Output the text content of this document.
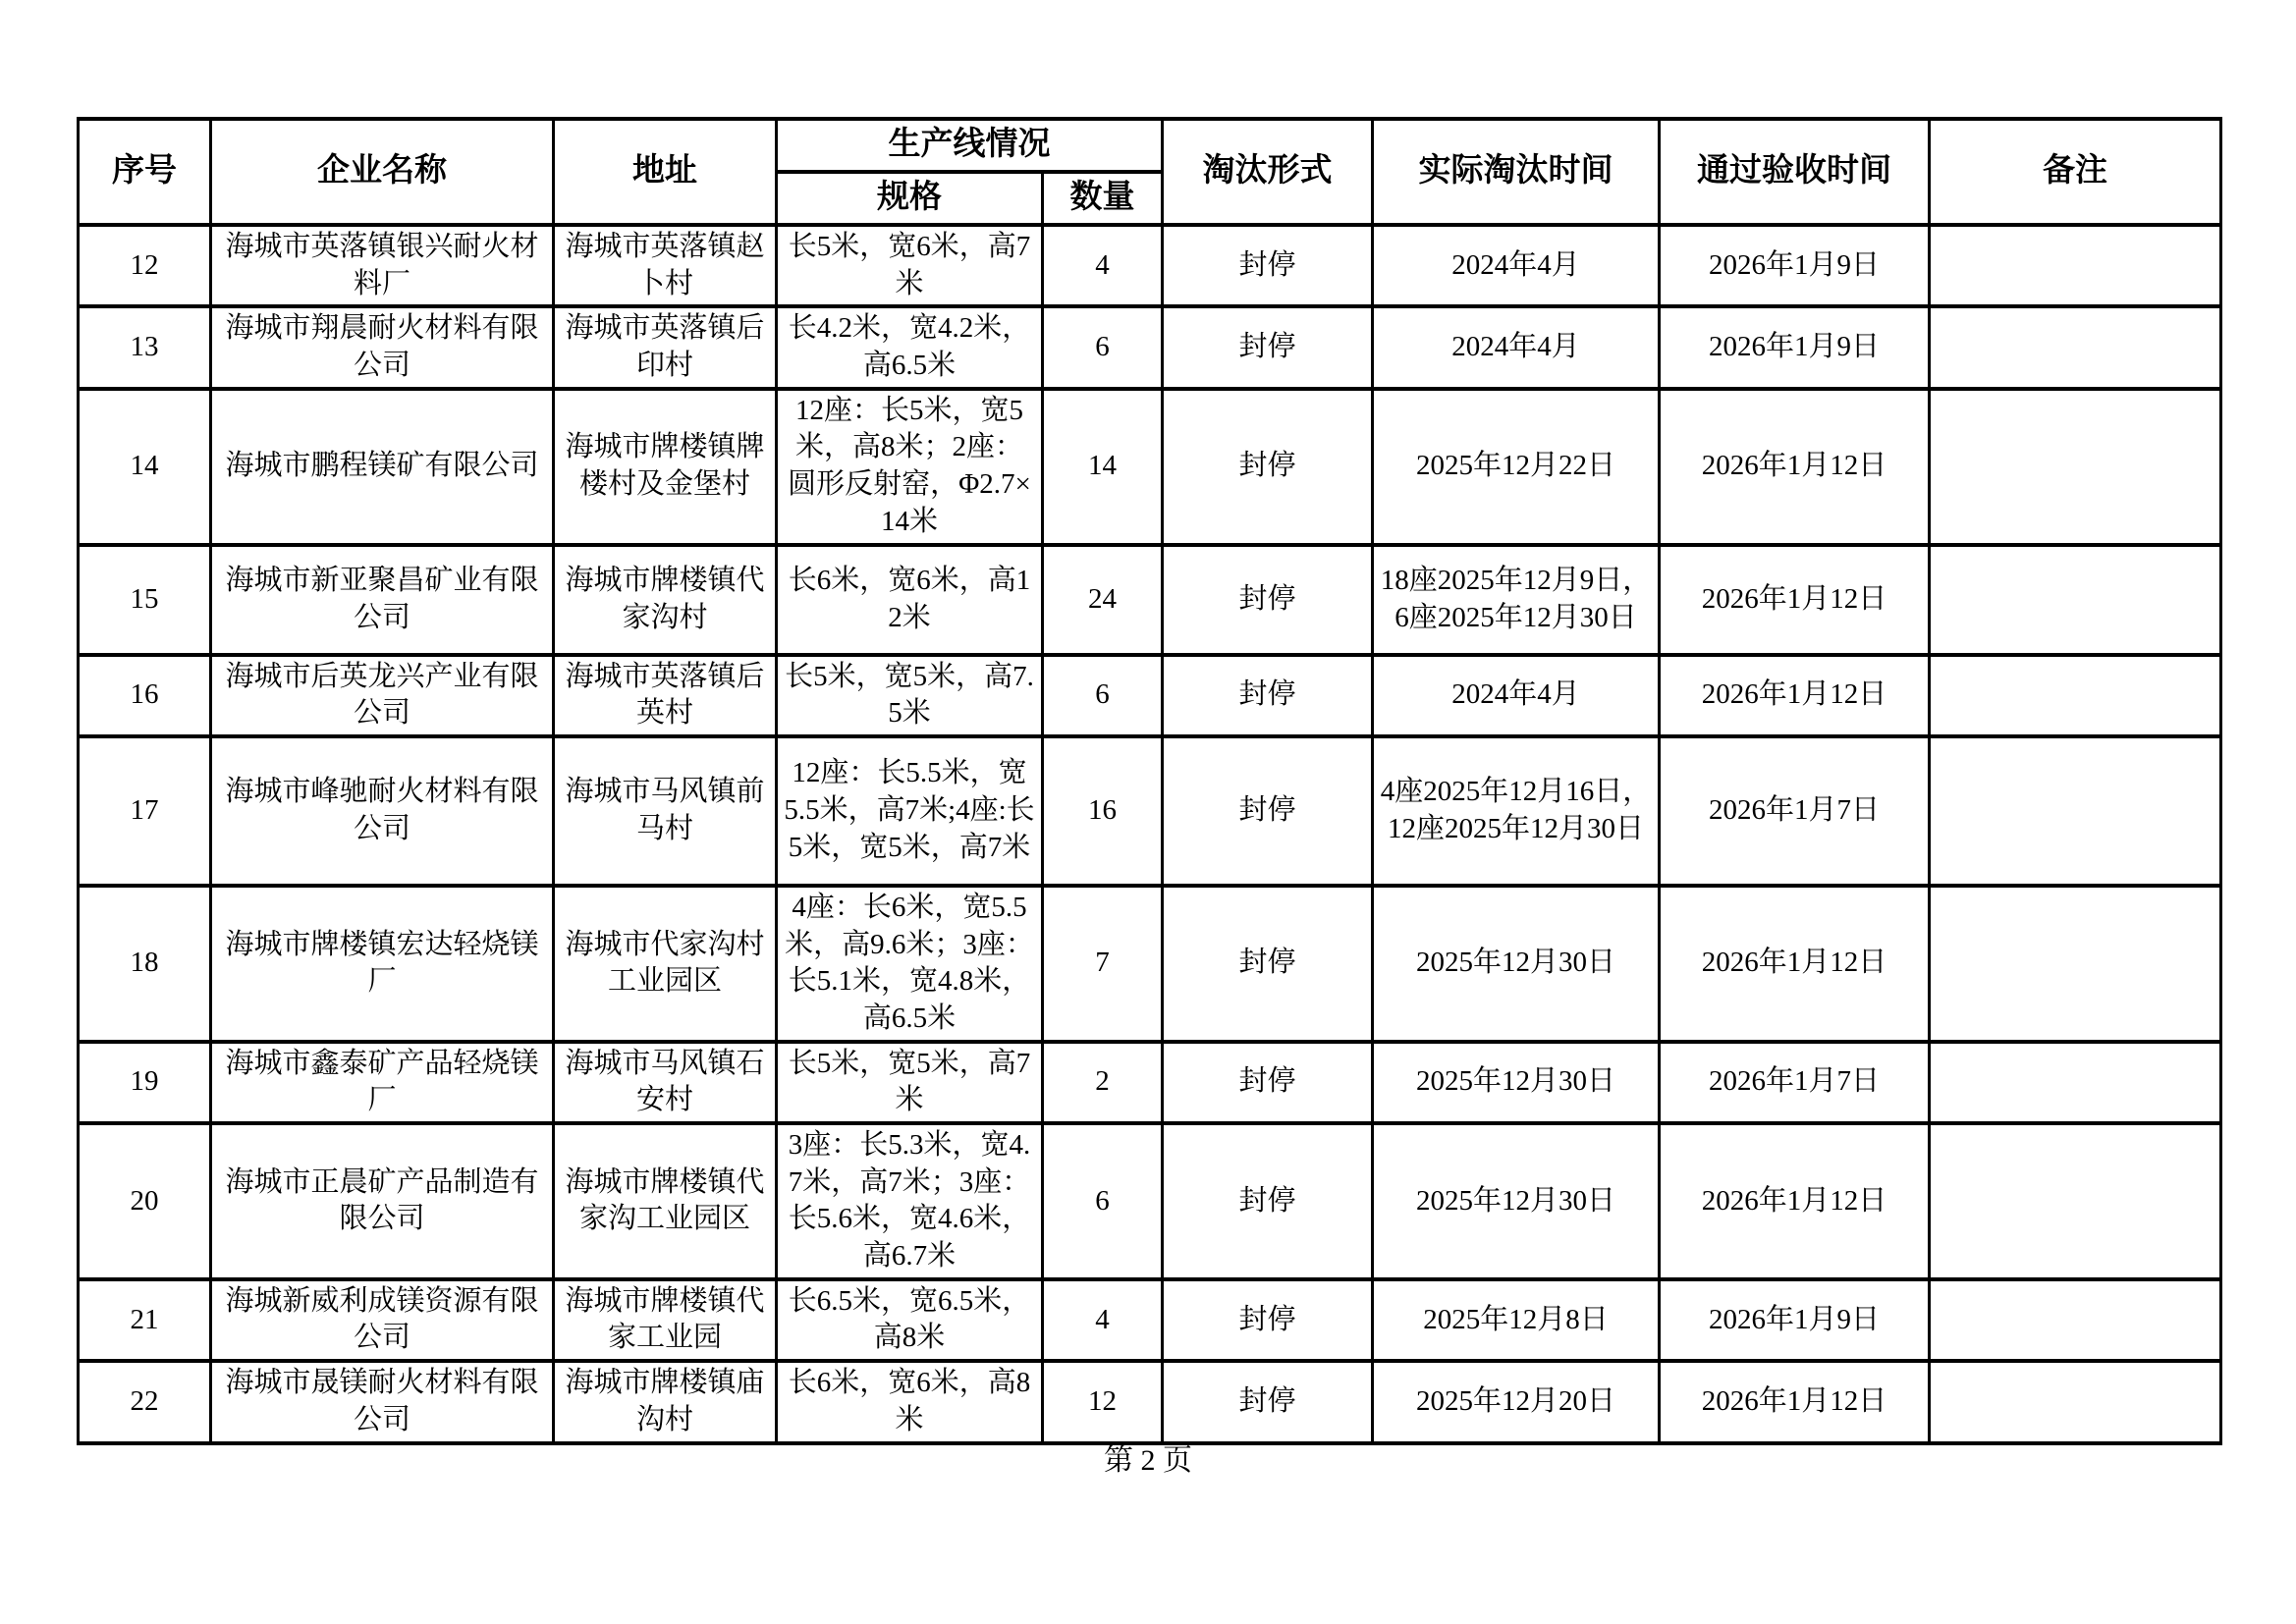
序号	企业名称	地址	生产线情况		淘汰形式	实际淘汰时间	通过验收时间	备注
			规格	数量				
12	海城市英落镇银兴耐火材料厂	海城市英落镇赵卜村	长5米，宽6米，高7米	4	封停	2024年4月	2026年1月9日	
13	海城市翔晨耐火材料有限公司	海城市英落镇后印村	长4.2米，宽4.2米，高6.5米	6	封停	2024年4月	2026年1月9日	
14	海城市鹏程镁矿有限公司	海城市牌楼镇牌楼村及金堡村	12座：长5米，宽5米，高8米；2座：圆形反射窑，Φ2.7×14米	14	封停	2025年12月22日	2026年1月12日	
15	海城市新亚聚昌矿业有限公司	海城市牌楼镇代家沟村	长6米，宽6米，高12米	24	封停	18座2025年12月9日，6座2025年12月30日	2026年1月12日	
16	海城市后英龙兴产业有限公司	海城市英落镇后英村	长5米，宽5米，高7.5米	6	封停	2024年4月	2026年1月12日	
17	海城市峰驰耐火材料有限公司	海城市马风镇前马村	12座：长5.5米，宽5.5米，高7米;4座:长5米，宽5米，高7米	16	封停	4座2025年12月16日，12座2025年12月30日	2026年1月7日	
18	海城市牌楼镇宏达轻烧镁厂	海城市代家沟村工业园区	4座：长6米，宽5.5米，高9.6米；3座：长5.1米，宽4.8米，高6.5米	7	封停	2025年12月30日	2026年1月12日	
19	海城市鑫泰矿产品轻烧镁厂	海城市马风镇石安村	长5米，宽5米，高7米	2	封停	2025年12月30日	2026年1月7日	
20	海城市正晨矿产品制造有限公司	海城市牌楼镇代家沟工业园区	3座：长5.3米，宽4.7米，高7米；3座：长5.6米，宽4.6米，高6.7米	6	封停	2025年12月30日	2026年1月12日	
21	海城新威利成镁资源有限公司	海城市牌楼镇代家工业园	长6.5米，宽6.5米，高8米	4	封停	2025年12月8日	2026年1月9日	
22	海城市晟镁耐火材料有限公司	海城市牌楼镇庙沟村	长6米，宽6米，高8米	12	封停	2025年12月20日	2026年1月12日	
第 2 页
